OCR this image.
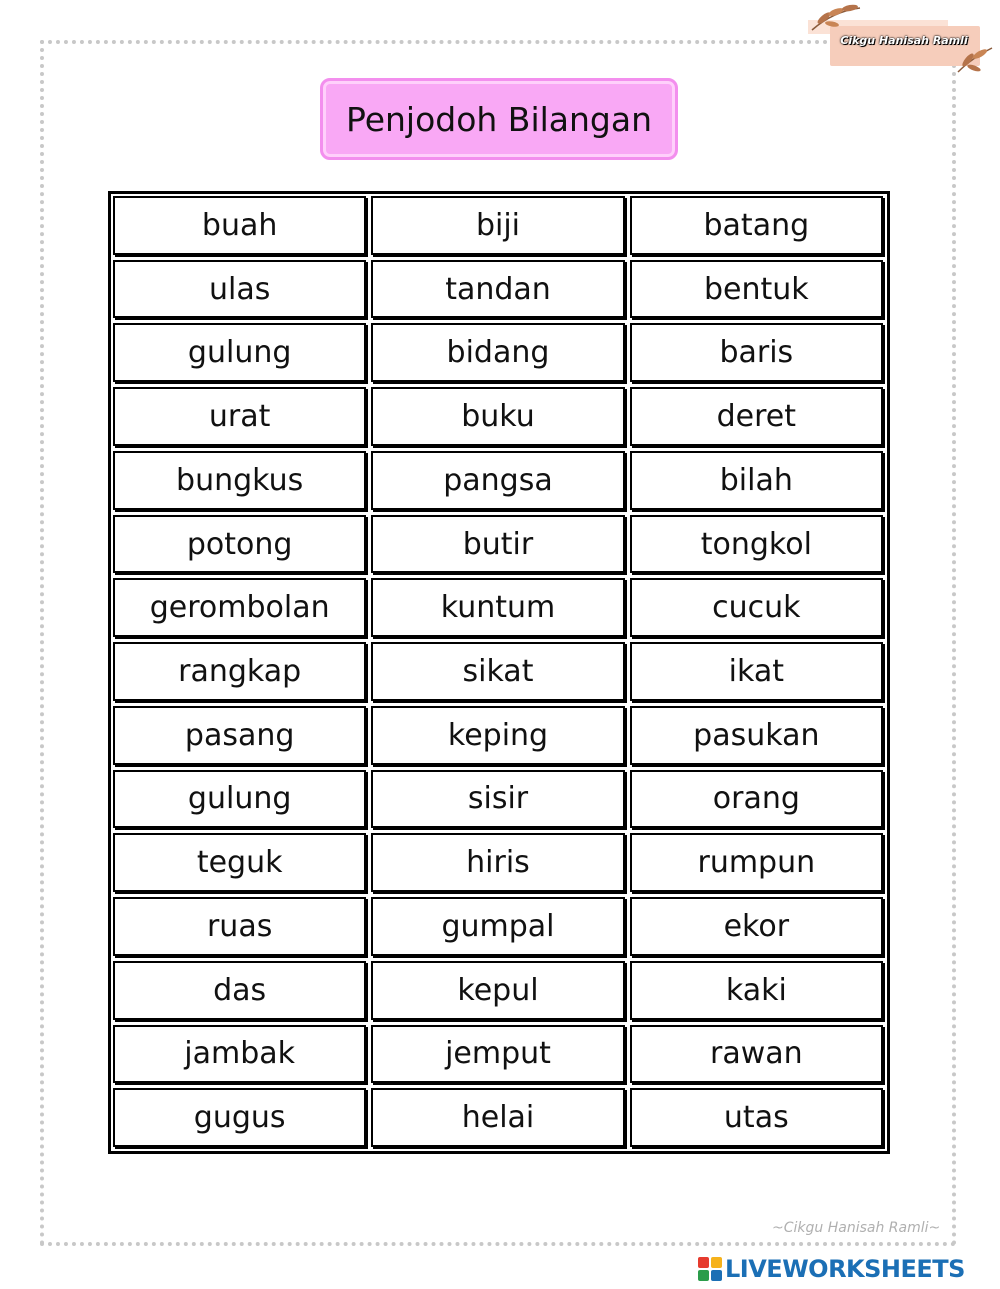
Cikgu Hanisah Ramli
Penjodoh Bilangan
buah	biji	batang
ulas	tandan	bentuk
gulung	bidang	baris
urat	buku	deret
bungkus	pangsa	bilah
potong	butir	tongkol
gerombolan	kuntum	cucuk
rangkap	sikat	ikat
pasang	keping	pasukan
gulung	sisir	orang
teguk	hiris	rumpun
ruas	gumpal	ekor
das	kepul	kaki
jambak	jemput	rawan
gugus	helai	utas
~Cikgu Hanisah Ramli~
LIVEWORKSHEETS
